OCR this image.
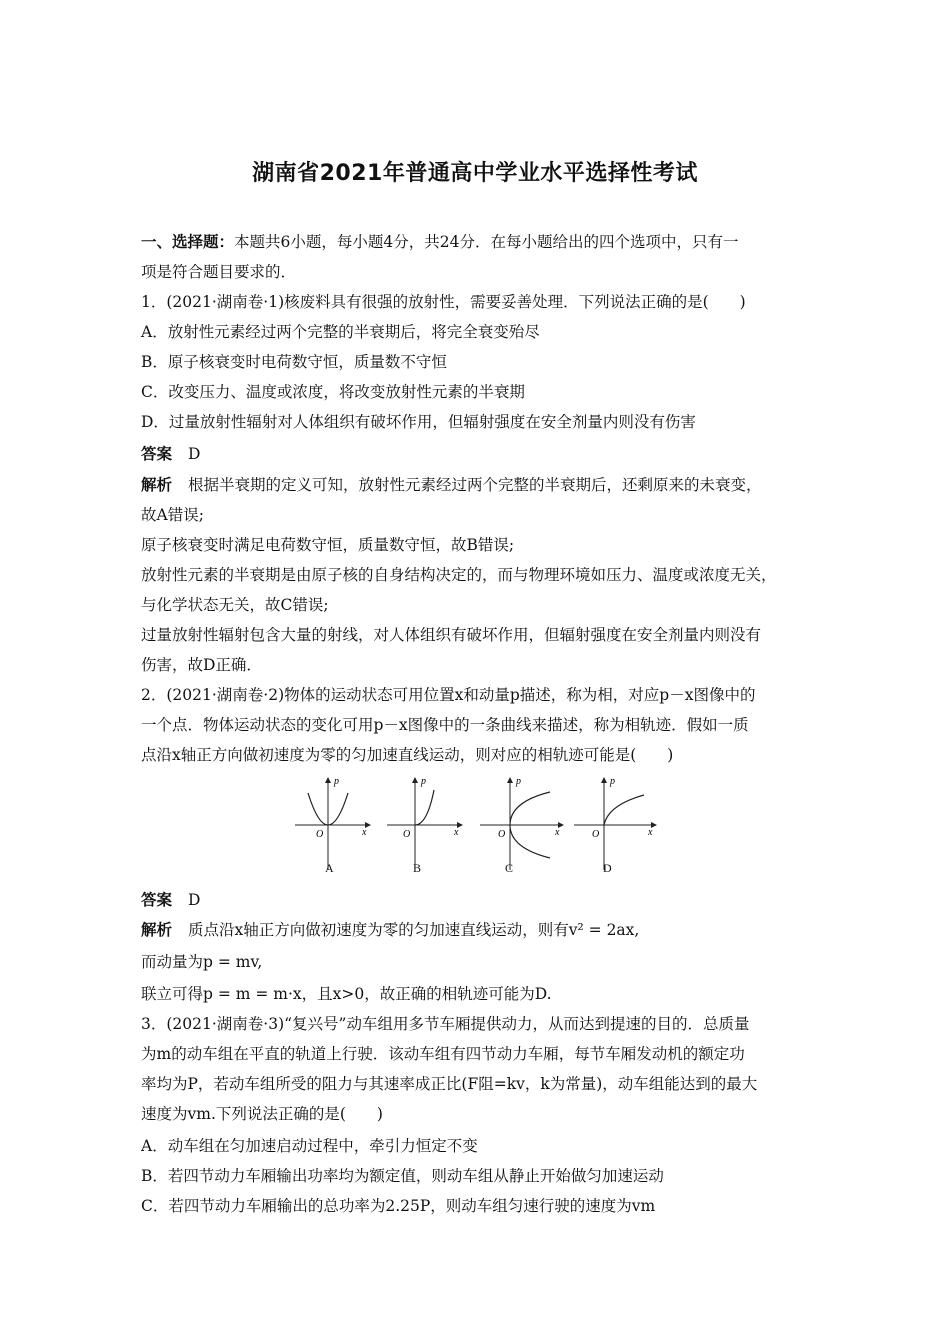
湖南省2021年普通高中学业水平选择性考试
一、选择题：本题共6小题，每小题4分，共24分．在每小题给出的四个选项中，只有一
项是符合题目要求的．
1．(2021·湖南卷·1)核废料具有很强的放射性，需要妥善处理．下列说法正确的是(　　)
A．放射性元素经过两个完整的半衰期后，将完全衰变殆尽
B．原子核衰变时电荷数守恒，质量数不守恒
C．改变压力、温度或浓度，将改变放射性元素的半衰期
D．过量放射性辐射对人体组织有破坏作用，但辐射强度在安全剂量内则没有伤害
答案 D
解析 根据半衰期的定义可知，放射性元素经过两个完整的半衰期后，还剩原来的未衰变，
故A错误;
原子核衰变时满足电荷数守恒，质量数守恒，故B错误;
放射性元素的半衰期是由原子核的自身结构决定的，而与物理环境如压力、温度或浓度无关，
与化学状态无关，故C错误;
过量放射性辐射包含大量的射线，对人体组织有破坏作用，但辐射强度在安全剂量内则没有
伤害，故D正确．
2．(2021·湖南卷·2)物体的运动状态可用位置x和动量p描述，称为相，对应p－x图像中的
一个点．物体运动状态的变化可用p－x图像中的一条曲线来描述，称为相轨迹．假如一质
点沿x轴正方向做初速度为零的匀加速直线运动，则对应的相轨迹可能是(　　)
p
x
O
p
x
O
p
x
O
p
x
O
A	B	C	D
答案 D
解析 质点沿x轴正方向做初速度为零的匀加速直线运动，则有v² = 2ax,
而动量为p = mv,
联立可得p = m = m·x，且x>0，故正确的相轨迹可能为D.
3．(2021·湖南卷·3)“复兴号”动车组用多节车厢提供动力，从而达到提速的目的．总质量
为m的动车组在平直的轨道上行驶．该动车组有四节动力车厢，每节车厢发动机的额定功
率均为P，若动车组所受的阻力与其速率成正比(F阻=kv，k为常量)，动车组能达到的最大
速度为vm.下列说法正确的是(　　)
A．动车组在匀加速启动过程中，牵引力恒定不变
B．若四节动力车厢输出功率均为额定值，则动车组从静止开始做匀加速运动
C．若四节动力车厢输出的总功率为2.25P，则动车组匀速行驶的速度为vm
